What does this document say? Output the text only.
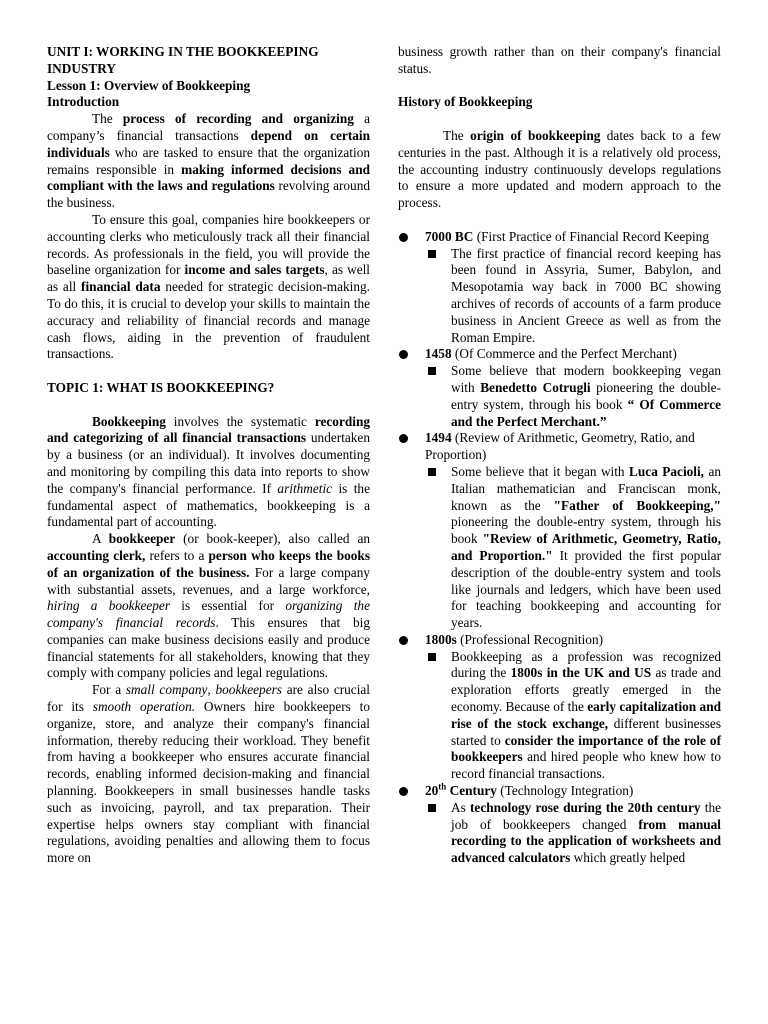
UNIT I: WORKING IN THE BOOKKEEPING INDUSTRY

Lesson 1: Overview of Bookkeeping

Introduction

The process of recording and organizing a company’s financial transactions depend on certain individuals who are tasked to ensure that the organization remains responsible in making informed decisions and compliant with the laws and regulations revolving around the business.

To ensure this goal, companies hire bookkeepers or accounting clerks who meticulously track all their financial records. As professionals in the field, you will provide the baseline organization for income and sales targets, as well as all financial data needed for strategic decision-making. To do this, it is crucial to develop your skills to maintain the accuracy and reliability of financial records and manage cash flows, aiding in the prevention of fraudulent transactions.

TOPIC 1: WHAT IS BOOKKEEPING?

Bookkeeping involves the systematic recording and categorizing of all financial transactions undertaken by a business (or an individual). It involves documenting and monitoring by compiling this data into reports to show the company's financial performance. If arithmetic is the fundamental aspect of mathematics, bookkeeping is a fundamental part of accounting.

A bookkeeper (or book-keeper), also called an accounting clerk, refers to a person who keeps the books of an organization of the business. For a large company with substantial assets, revenues, and a large workforce, hiring a bookkeeper is essential for organizing the company's financial records. This ensures that big companies can make business decisions easily and produce financial statements for all stakeholders, knowing that they comply with company policies and legal regulations.

For a small company, bookkeepers are also crucial for its smooth operation. Owners hire bookkeepers to organize, store, and analyze their company's financial information, thereby reducing their workload. They benefit from having a bookkeeper who ensures accurate financial records, enabling informed decision-making and financial planning. Bookkeepers in small businesses handle tasks such as invoicing, payroll, and tax preparation. Their expertise helps owners stay compliant with financial regulations, avoiding penalties and allowing them to focus more on

business growth rather than on their company's financial status.

History of Bookkeeping

The origin of bookkeeping dates back to a few centuries in the past. Although it is a relatively old process, the accounting industry continuously develops regulations to ensure a more updated and modern approach to the process.

7000 BC (First Practice of Financial Record Keeping
The first practice of financial record keeping has been found in Assyria, Sumer, Babylon, and Mesopotamia way back in 7000 BC showing archives of records of accounts of a farm produce business in Ancient Greece as well as from the Roman Empire.
1458 (Of Commerce and the Perfect Merchant)
Some believe that modern bookkeeping vegan with Benedetto Cotrugli pioneering the double-entry system, through his book “ Of Commerce and the Perfect Merchant.”
1494 (Review of Arithmetic, Geometry, Ratio, and Proportion)
Some believe that it began with Luca Pacioli, an Italian mathematician and Franciscan monk, known as the "Father of Bookkeeping," pioneering the double-entry system, through his book "Review of Arithmetic, Geometry, Ratio, and Proportion." It provided the first popular description of the double-entry system and tools like journals and ledgers, which have been used for teaching bookkeeping and accounting for years.
1800s (Professional Recognition)
Bookkeeping as a profession was recognized during the 1800s in the UK and US as trade and exploration efforts greatly emerged in the economy. Because of the early capitalization and rise of the stock exchange, different businesses started to consider the importance of the role of bookkeepers and hired people who knew how to record financial transactions.
20th Century (Technology Integration)
As technology rose during the 20th century the job of bookkeepers changed from manual recording to the application of worksheets and advanced calculators which greatly helped
